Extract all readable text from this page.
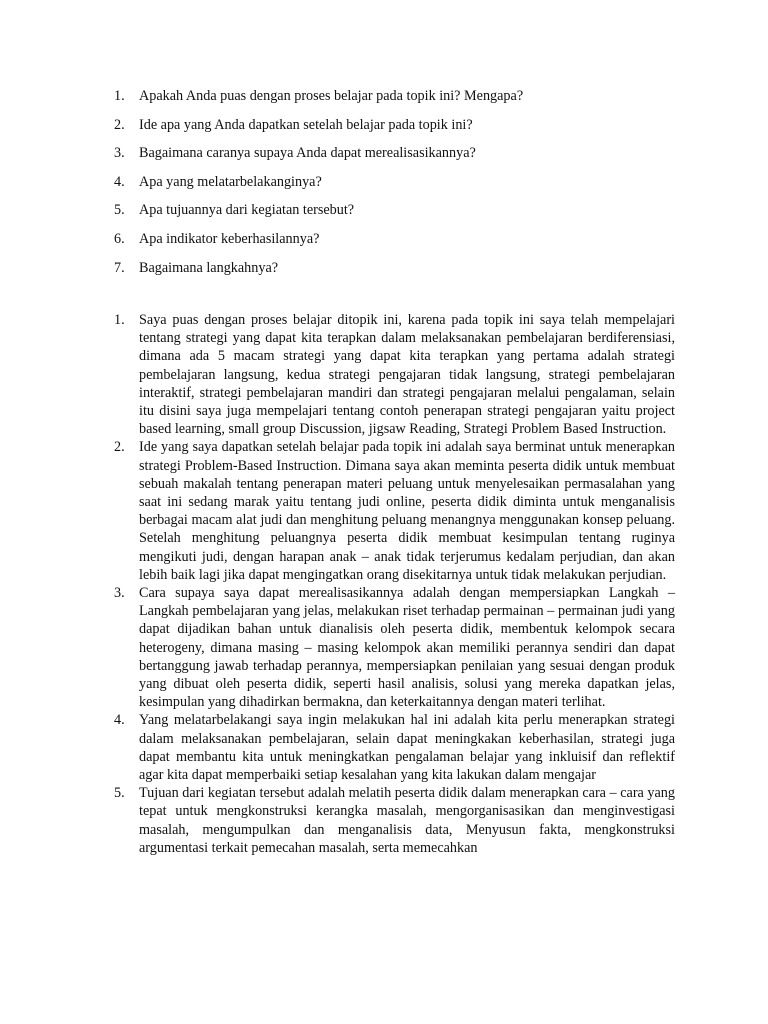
1. Apakah Anda puas dengan proses belajar pada topik ini? Mengapa?
2. Ide apa yang Anda dapatkan setelah belajar pada topik ini?
3. Bagaimana caranya supaya Anda dapat merealisasikannya?
4. Apa yang melatarbelakanginya?
5. Apa tujuannya dari kegiatan tersebut?
6. Apa indikator keberhasilannya?
7. Bagaimana langkahnya?
1. Saya puas dengan proses belajar ditopik ini, karena pada topik ini saya telah mempelajari tentang strategi yang dapat kita terapkan dalam melaksanakan pembelajaran berdiferensiasi, dimana ada 5 macam strategi yang dapat kita terapkan yang pertama adalah strategi pembelajaran langsung, kedua strategi pengajaran tidak langsung, strategi pembelajaran interaktif, strategi pembelajaran mandiri dan strategi pengajaran melalui pengalaman, selain itu disini saya juga mempelajari tentang contoh penerapan strategi pengajaran yaitu project based learning, small group Discussion, jigsaw Reading, Strategi Problem Based Instruction.
2. Ide yang saya dapatkan setelah belajar pada topik ini adalah saya berminat untuk menerapkan strategi Problem-Based Instruction. Dimana saya akan meminta peserta didik untuk membuat sebuah makalah tentang penerapan materi peluang untuk menyelesaikan permasalahan yang saat ini sedang marak yaitu tentang judi online, peserta didik diminta untuk menganalisis berbagai macam alat judi dan menghitung peluang menangnya menggunakan konsep peluang. Setelah menghitung peluangnya peserta didik membuat kesimpulan tentang ruginya mengikuti judi, dengan harapan anak – anak tidak terjerumus kedalam perjudian, dan akan lebih baik lagi jika dapat mengingatkan orang disekitarnya untuk tidak melakukan perjudian.
3. Cara supaya saya dapat merealisasikannya adalah dengan mempersiapkan Langkah – Langkah pembelajaran yang jelas, melakukan riset terhadap permainan – permainan judi yang dapat dijadikan bahan untuk dianalisis oleh peserta didik, membentuk kelompok secara heterogeny, dimana masing – masing kelompok akan memiliki perannya sendiri dan dapat bertanggung jawab terhadap perannya, mempersiapkan penilaian yang sesuai dengan produk yang dibuat oleh peserta didik, seperti hasil analisis, solusi yang mereka dapatkan jelas, kesimpulan yang dihadirkan bermakna, dan keterkaitannya dengan materi terlihat.
4. Yang melatarbelakangi saya ingin melakukan hal ini adalah kita perlu menerapkan strategi dalam melaksanakan pembelajaran, selain dapat meningkakan keberhasilan, strategi juga dapat membantu kita untuk meningkatkan pengalaman belajar yang inkluisif dan reflektif agar kita dapat memperbaiki setiap kesalahan yang kita lakukan dalam mengajar
5. Tujuan dari kegiatan tersebut adalah melatih peserta didik dalam menerapkan cara – cara yang tepat untuk mengkonstruksi kerangka masalah, mengorganisasikan dan menginvestigasi masalah, mengumpulkan dan menganalisis data, Menyusun fakta, mengkonstruksi argumentasi terkait pemecahan masalah, serta memecahkan
